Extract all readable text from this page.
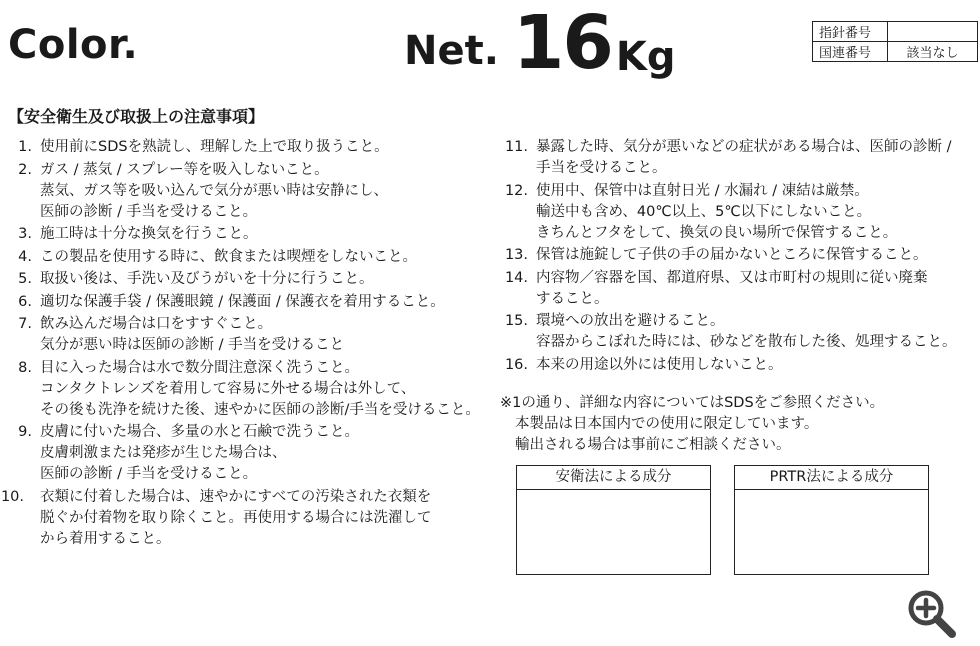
Color.	Net. 16 Kg
指針番号	
国連番号	該当なし
【安全衛生及び取扱上の注意事項】
1. 使用前にSDSを熟読し、理解した上で取り扱うこと。
2. ガス / 蒸気 / スプレー等を吸入しないこと。
蒸気、ガス等を吸い込んで気分が悪い時は安静にし、
医師の診断 / 手当を受けること。
3. 施工時は十分な換気を行うこと。
4. この製品を使用する時に、飲食または喫煙をしないこと。
5. 取扱い後は、手洗い及びうがいを十分に行うこと。
6. 適切な保護手袋 / 保護眼鏡 / 保護面 / 保護衣を着用すること。
7. 飲み込んだ場合は口をすすぐこと。
気分が悪い時は医師の診断 / 手当を受けること
8. 目に入った場合は水で数分間注意深く洗うこと。
コンタクトレンズを着用して容易に外せる場合は外して、
その後も洗浄を続けた後、速やかに医師の診断/手当を受けること。
9. 皮膚に付いた場合、多量の水と石鹸で洗うこと。
皮膚刺激または発疹が生じた場合は、
医師の診断 / 手当を受けること。
10.	衣類に付着した場合は、速やかにすべての汚染された衣類を
脱ぐか付着物を取り除くこと。再使用する場合には洗濯して
から着用すること。
11. 暴露した時、気分が悪いなどの症状がある場合は、医師の診断 /
手当を受けること。
12. 使用中、保管中は直射日光 / 水漏れ / 凍結は厳禁。
輸送中も含め、40℃以上、5℃以下にしないこと。
きちんとフタをして、換気の良い場所で保管すること。
13. 保管は施錠して子供の手の届かないところに保管すること。
14. 内容物／容器を国、都道府県、又は市町村の規則に従い廃棄
すること。
15. 環境への放出を避けること。
容器からこぼれた時には、砂などを散布した後、処理すること。
16. 本来の用途以外には使用しないこと。
※1の通り、詳細な内容についてはSDSをご参照ください。
本製品は日本国内での使用に限定しています。
輸出される場合は事前にご相談ください。
安衛法による成分	PRTR法による成分
